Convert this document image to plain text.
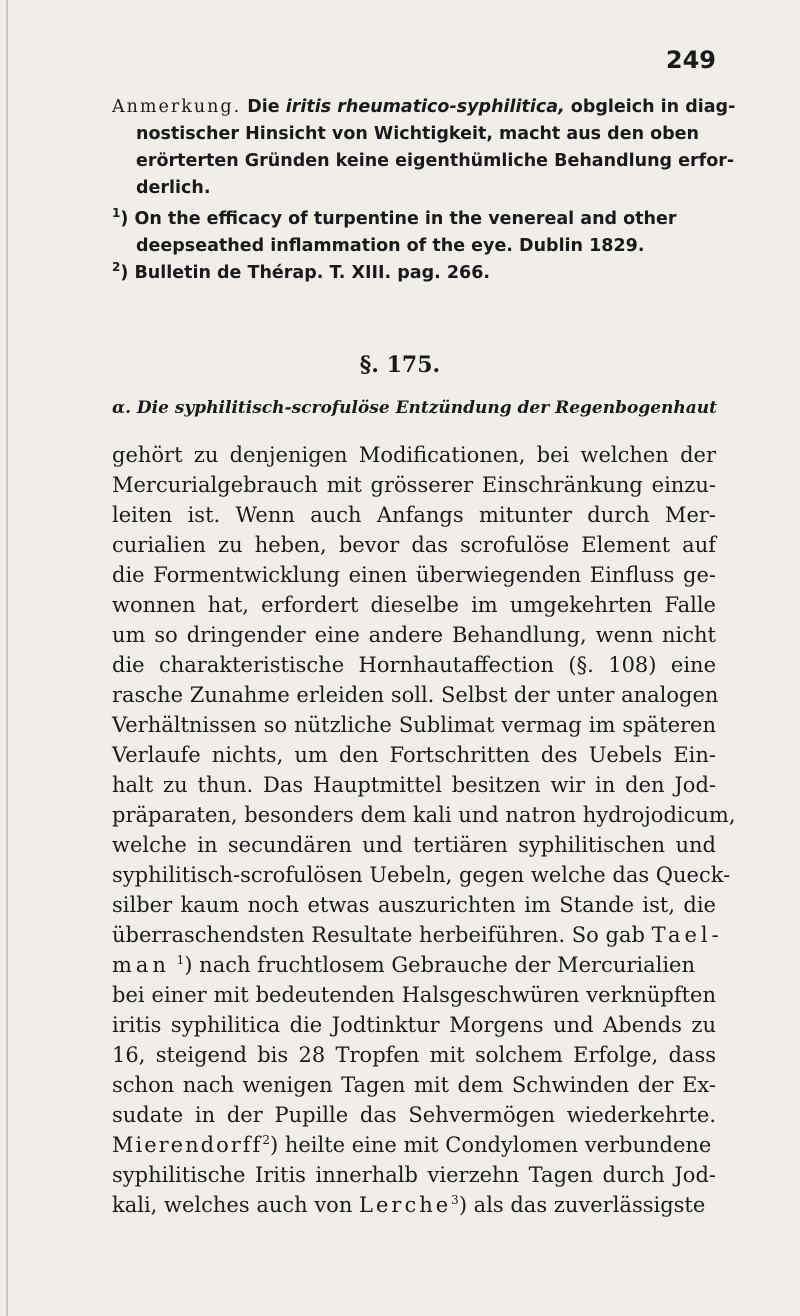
249

Anmerkung. Die iritis rheumatico-syphilitica, obgleich in diag-

nostischer Hinsicht von Wichtigkeit, macht aus den oben

erörterten Gründen keine eigenthümliche Behandlung erfor-

derlich.

$^1$) On the efficacy of turpentine in the venereal and other

deepseathed inflammation of the eye. Dublin 1829.

$^2$) Bulletin de Thérap. T. XIII. pag. 266.

§. 175.

α. Die syphilitisch-scrofulöse Entzündung der Regenbogenhaut

gehört zu denjenigen Modificationen, bei welchen der

Mercurialgebrauch mit grösserer Einschränkung einzu-

leiten ist. Wenn auch Anfangs mitunter durch Mer-

curialien zu heben, bevor das scrofulöse Element auf

die Formentwicklung einen überwiegenden Einfluss ge-

wonnen hat, erfordert dieselbe im umgekehrten Falle

um so dringender eine andere Behandlung, wenn nicht

die charakteristische Hornhautaffection (§. 108) eine

rasche Zunahme erleiden soll. Selbst der unter analogen

Verhältnissen so nützliche Sublimat vermag im späteren

Verlaufe nichts, um den Fortschritten des Uebels Ein-

halt zu thun. Das Hauptmittel besitzen wir in den Jod-

präparaten, besonders dem kali und natron hydrojodicum,

welche in secundären und tertiären syphilitischen und

syphilitisch-scrofulösen Uebeln, gegen welche das Queck-

silber kaum noch etwas auszurichten im Stande ist, die

überraschendsten Resultate herbeiführen. So gab Tael-

man $^1$) nach fruchtlosem Gebrauche der Mercurialien

bei einer mit bedeutenden Halsgeschwüren verknüpften

iritis syphilitica die Jodtinktur Morgens und Abends zu

16, steigend bis 28 Tropfen mit solchem Erfolge, dass

schon nach wenigen Tagen mit dem Schwinden der Ex-

sudate in der Pupille das Sehvermögen wiederkehrte.

Mierendorff$^2$) heilte eine mit Condylomen verbundene

syphilitische Iritis innerhalb vierzehn Tagen durch Jod-

kali, welches auch von Lerche$^3$) als das zuverlässigste
